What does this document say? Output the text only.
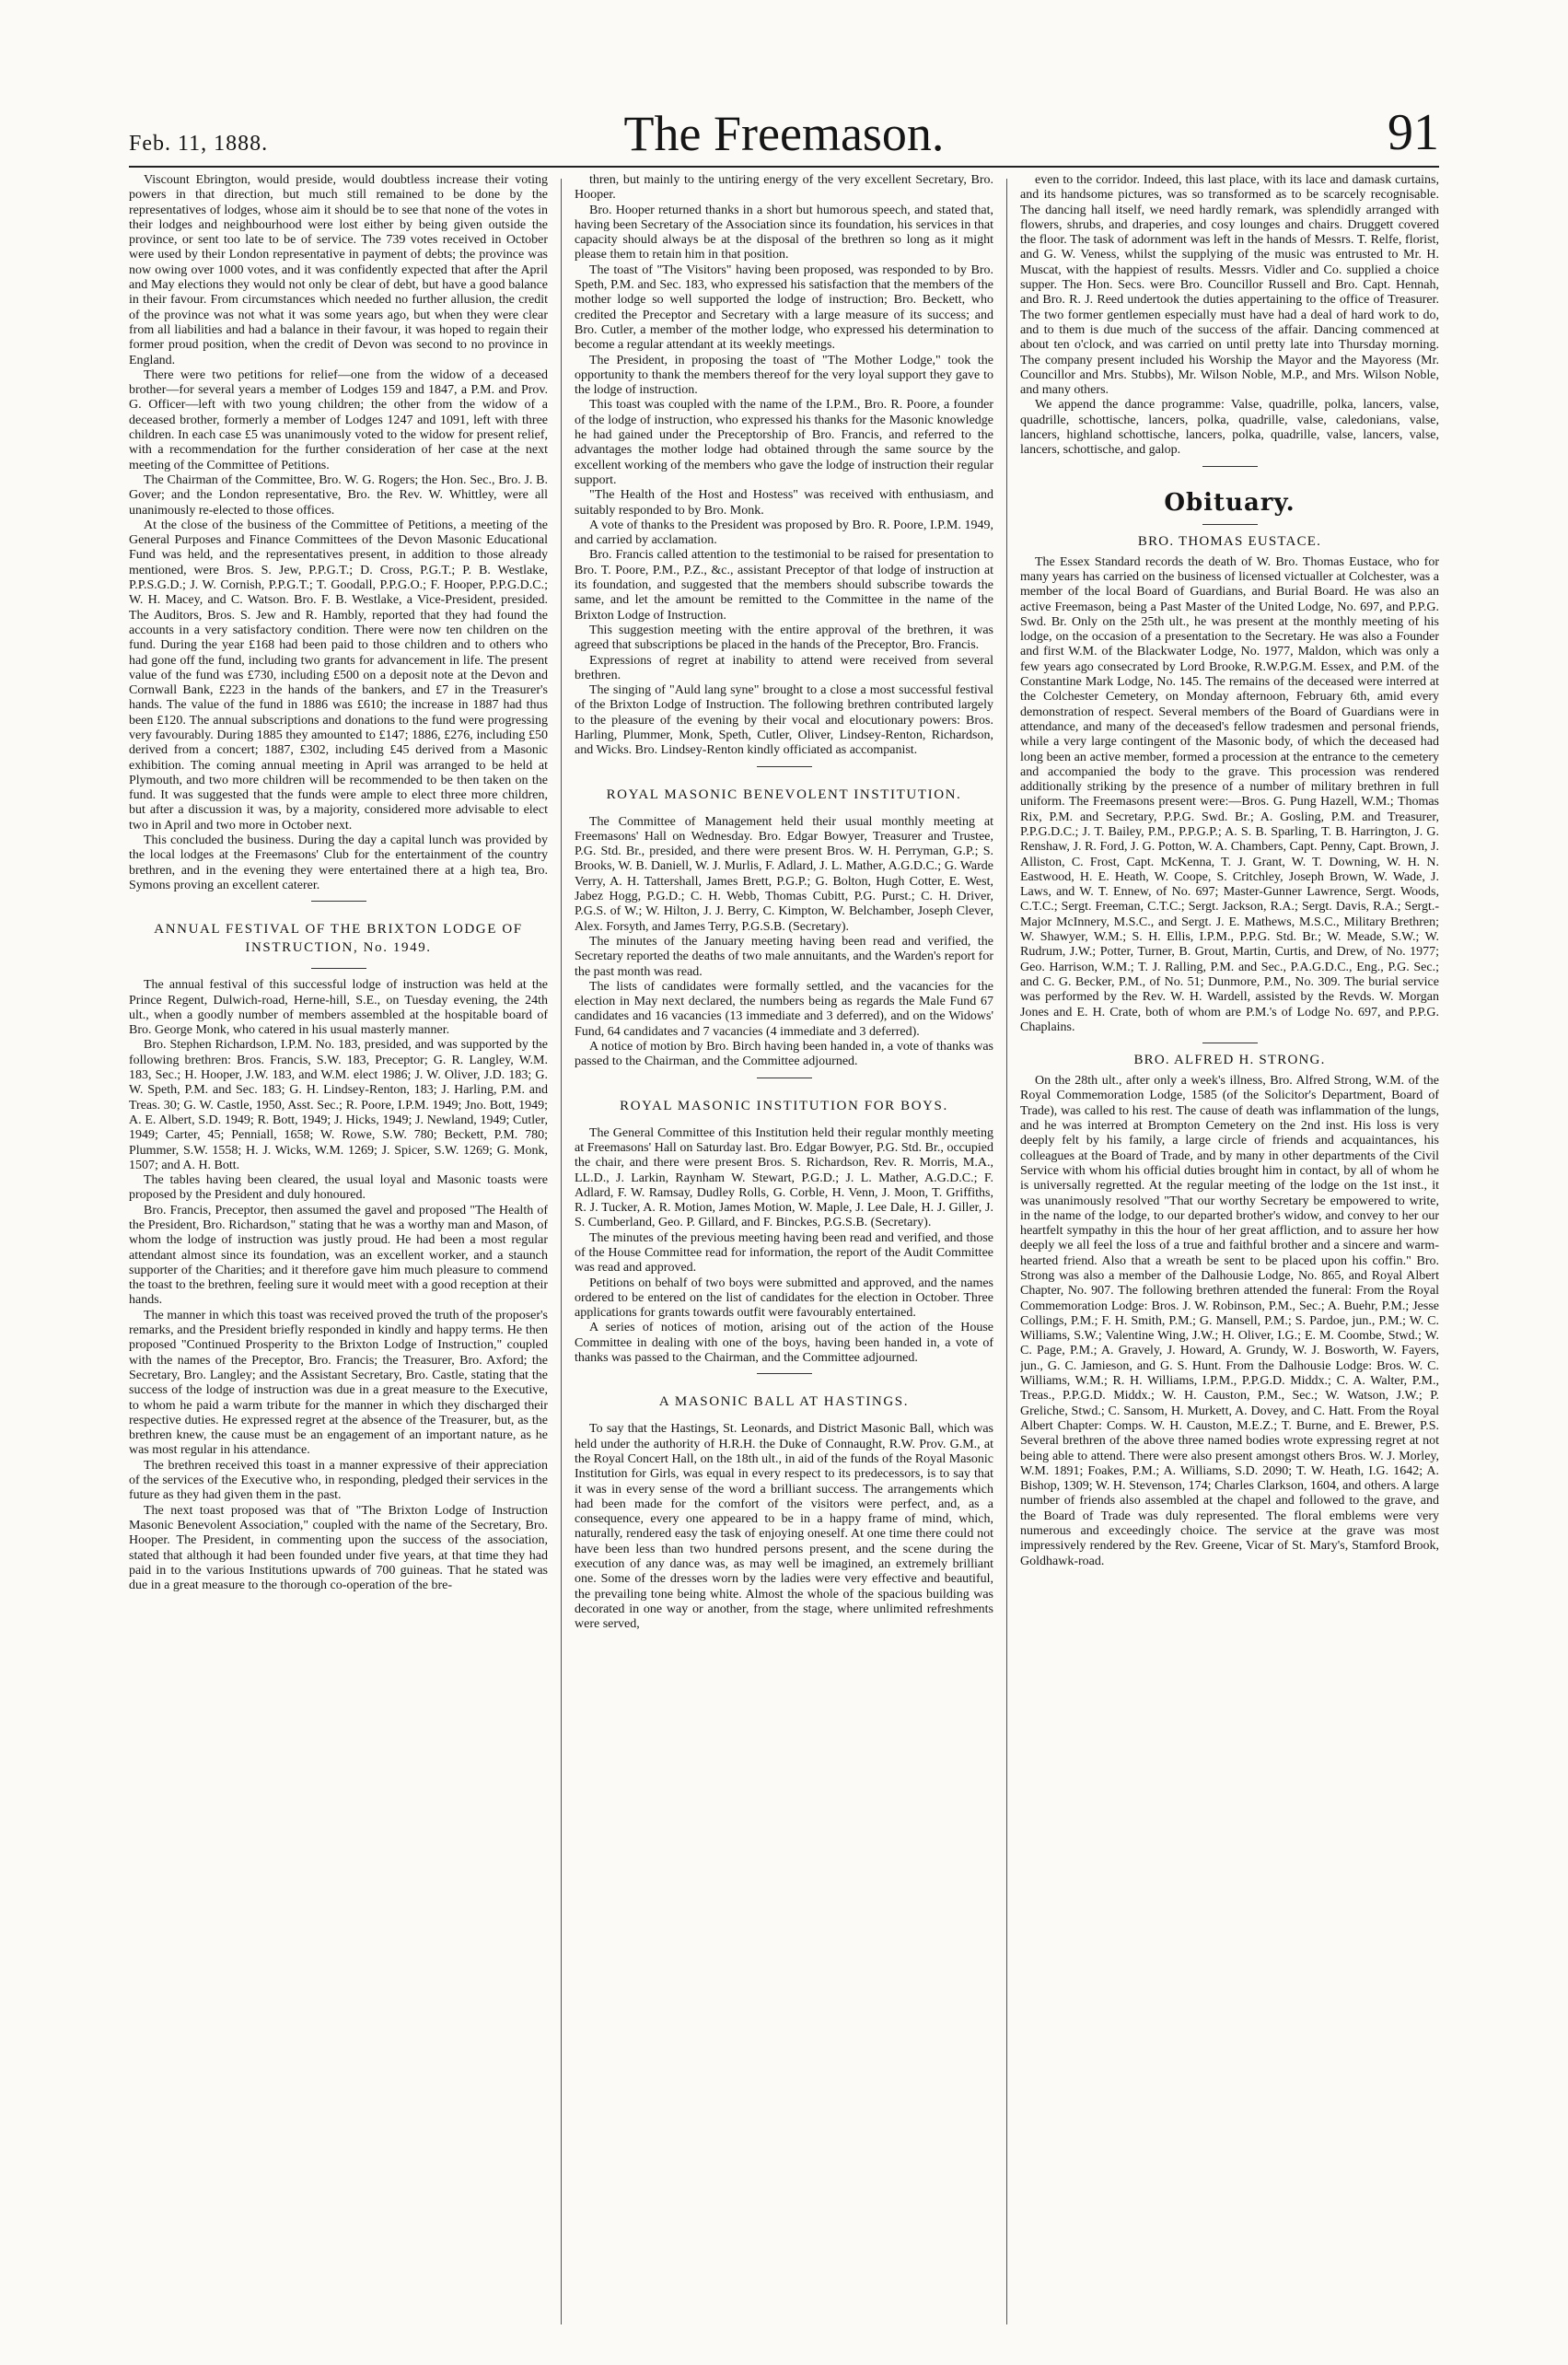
Feb. 11, 1888.	The Freemason.	91

Viscount Ebrington, would preside, would doubtless increase their voting powers in that direction, but much still remained to be done by the representatives of lodges, whose aim it should be to see that none of the votes in their lodges and neighbourhood were lost either by being given outside the province, or sent too late to be of service. The 739 votes received in October were used by their London representative in payment of debts; the province was now owing over 1000 votes, and it was confidently expected that after the April and May elections they would not only be clear of debt, but have a good balance in their favour. From circumstances which needed no further allusion, the credit of the province was not what it was some years ago, but when they were clear from all liabilities and had a balance in their favour, it was hoped to regain their former proud position, when the credit of Devon was second to no province in England.

There were two petitions for relief—one from the widow of a deceased brother—for several years a member of Lodges 159 and 1847, a P.M. and Prov. G. Officer—left with two young children; the other from the widow of a deceased brother, formerly a member of Lodges 1247 and 1091, left with three children. In each case £5 was unanimously voted to the widow for present relief, with a recommendation for the further consideration of her case at the next meeting of the Committee of Petitions.

The Chairman of the Committee, Bro. W. G. Rogers; the Hon. Sec., Bro. J. B. Gover; and the London representative, Bro. the Rev. W. Whittley, were all unanimously re-elected to those offices.

At the close of the business of the Committee of Petitions, a meeting of the General Purposes and Finance Committees of the Devon Masonic Educational Fund was held, and the representatives present, in addition to those already mentioned, were Bros. S. Jew, P.P.G.T.; D. Cross, P.G.T.; P. B. Westlake, P.P.S.G.D.; J. W. Cornish, P.P.G.T.; T. Goodall, P.P.G.O.; F. Hooper, P.P.G.D.C.; W. H. Macey, and C. Watson. Bro. F. B. Westlake, a Vice-President, presided. The Auditors, Bros. S. Jew and R. Hambly, reported that they had found the accounts in a very satisfactory condition. There were now ten children on the fund. During the year £168 had been paid to those children and to others who had gone off the fund, including two grants for advancement in life. The present value of the fund was £730, including £500 on a deposit note at the Devon and Cornwall Bank, £223 in the hands of the bankers, and £7 in the Treasurer's hands. The value of the fund in 1886 was £610; the increase in 1887 had thus been £120. The annual subscriptions and donations to the fund were progressing very favourably. During 1885 they amounted to £147; 1886, £276, including £50 derived from a concert; 1887, £302, including £45 derived from a Masonic exhibition. The coming annual meeting in April was arranged to be held at Plymouth, and two more children will be recommended to be then taken on the fund. It was suggested that the funds were ample to elect three more children, but after a discussion it was, by a majority, considered more advisable to elect two in April and two more in October next.

This concluded the business. During the day a capital lunch was provided by the local lodges at the Freemasons' Club for the entertainment of the country brethren, and in the evening they were entertained there at a high tea, Bro. Symons proving an excellent caterer.

ANNUAL FESTIVAL OF THE BRIXTON LODGE OF INSTRUCTION, No. 1949.

The annual festival of this successful lodge of instruction was held at the Prince Regent, Dulwich-road, Herne-hill, S.E., on Tuesday evening, the 24th ult., when a goodly number of members assembled at the hospitable board of Bro. George Monk, who catered in his usual masterly manner.

Bro. Stephen Richardson, I.P.M. No. 183, presided, and was supported by the following brethren: Bros. Francis, S.W. 183, Preceptor; G. R. Langley, W.M. 183, Sec.; H. Hooper, J.W. 183, and W.M. elect 1986; J. W. Oliver, J.D. 183; G. W. Speth, P.M. and Sec. 183; G. H. Lindsey-Renton, 183; J. Harling, P.M. and Treas. 30; G. W. Castle, 1950, Asst. Sec.; R. Poore, I.P.M. 1949; Jno. Bott, 1949; A. E. Albert, S.D. 1949; R. Bott, 1949; J. Hicks, 1949; J. Newland, 1949; Cutler, 1949; Carter, 45; Penniall, 1658; W. Rowe, S.W. 780; Beckett, P.M. 780; Plummer, S.W. 1558; H. J. Wicks, W.M. 1269; J. Spicer, S.W. 1269; G. Monk, 1507; and A. H. Bott.

The tables having been cleared, the usual loyal and Masonic toasts were proposed by the President and duly honoured.

Bro. Francis, Preceptor, then assumed the gavel and proposed "The Health of the President, Bro. Richardson," stating that he was a worthy man and Mason, of whom the lodge of instruction was justly proud. He had been a most regular attendant almost since its foundation, was an excellent worker, and a staunch supporter of the Charities; and it therefore gave him much pleasure to commend the toast to the brethren, feeling sure it would meet with a good reception at their hands.

The manner in which this toast was received proved the truth of the proposer's remarks, and the President briefly responded in kindly and happy terms. He then proposed "Continued Prosperity to the Brixton Lodge of Instruction," coupled with the names of the Preceptor, Bro. Francis; the Treasurer, Bro. Axford; the Secretary, Bro. Langley; and the Assistant Secretary, Bro. Castle, stating that the success of the lodge of instruction was due in a great measure to the Executive, to whom he paid a warm tribute for the manner in which they discharged their respective duties. He expressed regret at the absence of the Treasurer, but, as the brethren knew, the cause must be an engagement of an important nature, as he was most regular in his attendance.

The brethren received this toast in a manner expressive of their appreciation of the services of the Executive who, in responding, pledged their services in the future as they had given them in the past.

The next toast proposed was that of "The Brixton Lodge of Instruction Masonic Benevolent Association," coupled with the name of the Secretary, Bro. Hooper. The President, in commenting upon the success of the association, stated that although it had been founded under five years, at that time they had paid in to the various Institutions upwards of 700 guineas. That he stated was due in a great measure to the thorough co-operation of the bre-

thren, but mainly to the untiring energy of the very excellent Secretary, Bro. Hooper.

Bro. Hooper returned thanks in a short but humorous speech, and stated that, having been Secretary of the Association since its foundation, his services in that capacity should always be at the disposal of the brethren so long as it might please them to retain him in that position.

The toast of "The Visitors" having been proposed, was responded to by Bro. Speth, P.M. and Sec. 183, who expressed his satisfaction that the members of the mother lodge so well supported the lodge of instruction; Bro. Beckett, who credited the Preceptor and Secretary with a large measure of its success; and Bro. Cutler, a member of the mother lodge, who expressed his determination to become a regular attendant at its weekly meetings.

The President, in proposing the toast of "The Mother Lodge," took the opportunity to thank the members thereof for the very loyal support they gave to the lodge of instruction.

This toast was coupled with the name of the I.P.M., Bro. R. Poore, a founder of the lodge of instruction, who expressed his thanks for the Masonic knowledge he had gained under the Preceptorship of Bro. Francis, and referred to the advantages the mother lodge had obtained through the same source by the excellent working of the members who gave the lodge of instruction their regular support.

"The Health of the Host and Hostess" was received with enthusiasm, and suitably responded to by Bro. Monk.

A vote of thanks to the President was proposed by Bro. R. Poore, I.P.M. 1949, and carried by acclamation.

Bro. Francis called attention to the testimonial to be raised for presentation to Bro. T. Poore, P.M., P.Z., &c., assistant Preceptor of that lodge of instruction at its foundation, and suggested that the members should subscribe towards the same, and let the amount be remitted to the Committee in the name of the Brixton Lodge of Instruction.

This suggestion meeting with the entire approval of the brethren, it was agreed that subscriptions be placed in the hands of the Preceptor, Bro. Francis.

Expressions of regret at inability to attend were received from several brethren.

The singing of "Auld lang syne" brought to a close a most successful festival of the Brixton Lodge of Instruction. The following brethren contributed largely to the pleasure of the evening by their vocal and elocutionary powers: Bros. Harling, Plummer, Monk, Speth, Cutler, Oliver, Lindsey-Renton, Richardson, and Wicks. Bro. Lindsey-Renton kindly officiated as accompanist.

ROYAL MASONIC BENEVOLENT INSTITUTION.

The Committee of Management held their usual monthly meeting at Freemasons' Hall on Wednesday. Bro. Edgar Bowyer, Treasurer and Trustee, P.G. Std. Br., presided, and there were present Bros. W. H. Perryman, G.P.; S. Brooks, W. B. Daniell, W. J. Murlis, F. Adlard, J. L. Mather, A.G.D.C.; G. Warde Verry, A. H. Tattershall, James Brett, P.G.P.; G. Bolton, Hugh Cotter, E. West, Jabez Hogg, P.G.D.; C. H. Webb, Thomas Cubitt, P.G. Purst.; C. H. Driver, P.G.S. of W.; W. Hilton, J. J. Berry, C. Kimpton, W. Belchamber, Joseph Clever, Alex. Forsyth, and James Terry, P.G.S.B. (Secretary).

The minutes of the January meeting having been read and verified, the Secretary reported the deaths of two male annuitants, and the Warden's report for the past month was read.

The lists of candidates were formally settled, and the vacancies for the election in May next declared, the numbers being as regards the Male Fund 67 candidates and 16 vacancies (13 immediate and 3 deferred), and on the Widows' Fund, 64 candidates and 7 vacancies (4 immediate and 3 deferred).

A notice of motion by Bro. Birch having been handed in, a vote of thanks was passed to the Chairman, and the Committee adjourned.

ROYAL MASONIC INSTITUTION FOR BOYS.

The General Committee of this Institution held their regular monthly meeting at Freemasons' Hall on Saturday last. Bro. Edgar Bowyer, P.G. Std. Br., occupied the chair, and there were present Bros. S. Richardson, Rev. R. Morris, M.A., LL.D., J. Larkin, Raynham W. Stewart, P.G.D.; J. L. Mather, A.G.D.C.; F. Adlard, F. W. Ramsay, Dudley Rolls, G. Corble, H. Venn, J. Moon, T. Griffiths, R. J. Tucker, A. R. Motion, James Motion, W. Maple, J. Lee Dale, H. J. Giller, J. S. Cumberland, Geo. P. Gillard, and F. Binckes, P.G.S.B. (Secretary).

The minutes of the previous meeting having been read and verified, and those of the House Committee read for information, the report of the Audit Committee was read and approved.

Petitions on behalf of two boys were submitted and approved, and the names ordered to be entered on the list of candidates for the election in October. Three applications for grants towards outfit were favourably entertained.

A series of notices of motion, arising out of the action of the House Committee in dealing with one of the boys, having been handed in, a vote of thanks was passed to the Chairman, and the Committee adjourned.

A MASONIC BALL AT HASTINGS.

To say that the Hastings, St. Leonards, and District Masonic Ball, which was held under the authority of H.R.H. the Duke of Connaught, R.W. Prov. G.M., at the Royal Concert Hall, on the 18th ult., in aid of the funds of the Royal Masonic Institution for Girls, was equal in every respect to its predecessors, is to say that it was in every sense of the word a brilliant success. The arrangements which had been made for the comfort of the visitors were perfect, and, as a consequence, every one appeared to be in a happy frame of mind, which, naturally, rendered easy the task of enjoying oneself. At one time there could not have been less than two hundred persons present, and the scene during the execution of any dance was, as may well be imagined, an extremely brilliant one. Some of the dresses worn by the ladies were very effective and beautiful, the prevailing tone being white. Almost the whole of the spacious building was decorated in one way or another, from the stage, where unlimited refreshments were served,

even to the corridor. Indeed, this last place, with its lace and damask curtains, and its handsome pictures, was so transformed as to be scarcely recognisable. The dancing hall itself, we need hardly remark, was splendidly arranged with flowers, shrubs, and draperies, and cosy lounges and chairs. Druggett covered the floor. The task of adornment was left in the hands of Messrs. T. Relfe, florist, and G. W. Veness, whilst the supplying of the music was entrusted to Mr. H. Muscat, with the happiest of results. Messrs. Vidler and Co. supplied a choice supper. The Hon. Secs. were Bro. Councillor Russell and Bro. Capt. Hennah, and Bro. R. J. Reed undertook the duties appertaining to the office of Treasurer. The two former gentlemen especially must have had a deal of hard work to do, and to them is due much of the success of the affair. Dancing commenced at about ten o'clock, and was carried on until pretty late into Thursday morning. The company present included his Worship the Mayor and the Mayoress (Mr. Councillor and Mrs. Stubbs), Mr. Wilson Noble, M.P., and Mrs. Wilson Noble, and many others.

We append the dance programme: Valse, quadrille, polka, lancers, valse, quadrille, schottische, lancers, polka, quadrille, valse, caledonians, valse, lancers, highland schottische, lancers, polka, quadrille, valse, lancers, valse, lancers, schottische, and galop.

Obituary.
BRO. THOMAS EUSTACE.

The Essex Standard records the death of W. Bro. Thomas Eustace, who for many years has carried on the business of licensed victualler at Colchester, was a member of the local Board of Guardians, and Burial Board. He was also an active Freemason, being a Past Master of the United Lodge, No. 697, and P.P.G. Swd. Br. Only on the 25th ult., he was present at the monthly meeting of his lodge, on the occasion of a presentation to the Secretary. He was also a Founder and first W.M. of the Blackwater Lodge, No. 1977, Maldon, which was only a few years ago consecrated by Lord Brooke, R.W.P.G.M. Essex, and P.M. of the Constantine Mark Lodge, No. 145. The remains of the deceased were interred at the Colchester Cemetery, on Monday afternoon, February 6th, amid every demonstration of respect. Several members of the Board of Guardians were in attendance, and many of the deceased's fellow tradesmen and personal friends, while a very large contingent of the Masonic body, of which the deceased had long been an active member, formed a procession at the entrance to the cemetery and accompanied the body to the grave. This procession was rendered additionally striking by the presence of a number of military brethren in full uniform. The Freemasons present were:—Bros. G. Pung Hazell, W.M.; Thomas Rix, P.M. and Secretary, P.P.G. Swd. Br.; A. Gosling, P.M. and Treasurer, P.P.G.D.C.; J. T. Bailey, P.M., P.P.G.P.; A. S. B. Sparling, T. B. Harrington, J. G. Renshaw, J. R. Ford, J. G. Potton, W. A. Chambers, Capt. Penny, Capt. Brown, J. Alliston, C. Frost, Capt. McKenna, T. J. Grant, W. T. Downing, W. H. N. Eastwood, H. E. Heath, W. Coope, S. Critchley, Joseph Brown, W. Wade, J. Laws, and W. T. Ennew, of No. 697; Master-Gunner Lawrence, Sergt. Woods, C.T.C.; Sergt. Freeman, C.T.C.; Sergt. Jackson, R.A.; Sergt. Davis, R.A.; Sergt.-Major McInnery, M.S.C., and Sergt. J. E. Mathews, M.S.C., Military Brethren; W. Shawyer, W.M.; S. H. Ellis, I.P.M., P.P.G. Std. Br.; W. Meade, S.W.; W. Rudrum, J.W.; Potter, Turner, B. Grout, Martin, Curtis, and Drew, of No. 1977; Geo. Harrison, W.M.; T. J. Ralling, P.M. and Sec., P.A.G.D.C., Eng., P.G. Sec.; and C. G. Becker, P.M., of No. 51; Dunmore, P.M., No. 309. The burial service was performed by the Rev. W. H. Wardell, assisted by the Revds. W. Morgan Jones and E. H. Crate, both of whom are P.M.'s of Lodge No. 697, and P.P.G. Chaplains.

BRO. ALFRED H. STRONG.

On the 28th ult., after only a week's illness, Bro. Alfred Strong, W.M. of the Royal Commemoration Lodge, 1585 (of the Solicitor's Department, Board of Trade), was called to his rest. The cause of death was inflammation of the lungs, and he was interred at Brompton Cemetery on the 2nd inst. His loss is very deeply felt by his family, a large circle of friends and acquaintances, his colleagues at the Board of Trade, and by many in other departments of the Civil Service with whom his official duties brought him in contact, by all of whom he is universally regretted. At the regular meeting of the lodge on the 1st inst., it was unanimously resolved "That our worthy Secretary be empowered to write, in the name of the lodge, to our departed brother's widow, and convey to her our heartfelt sympathy in this the hour of her great affliction, and to assure her how deeply we all feel the loss of a true and faithful brother and a sincere and warm-hearted friend. Also that a wreath be sent to be placed upon his coffin." Bro. Strong was also a member of the Dalhousie Lodge, No. 865, and Royal Albert Chapter, No. 907. The following brethren attended the funeral: From the Royal Commemoration Lodge: Bros. J. W. Robinson, P.M., Sec.; A. Buehr, P.M.; Jesse Collings, P.M.; F. H. Smith, P.M.; G. Mansell, P.M.; S. Pardoe, jun., P.M.; W. C. Williams, S.W.; Valentine Wing, J.W.; H. Oliver, I.G.; E. M. Coombe, Stwd.; W. C. Page, P.M.; A. Gravely, J. Howard, A. Grundy, W. J. Bosworth, W. Fayers, jun., G. C. Jamieson, and G. S. Hunt. From the Dalhousie Lodge: Bros. W. C. Williams, W.M.; R. H. Williams, I.P.M., P.P.G.D. Middx.; C. A. Walter, P.M., Treas., P.P.G.D. Middx.; W. H. Causton, P.M., Sec.; W. Watson, J.W.; P. Greliche, Stwd.; C. Sansom, H. Murkett, A. Dovey, and C. Hatt. From the Royal Albert Chapter: Comps. W. H. Causton, M.E.Z.; T. Burne, and E. Brewer, P.S. Several brethren of the above three named bodies wrote expressing regret at not being able to attend. There were also present amongst others Bros. W. J. Morley, W.M. 1891; Foakes, P.M.; A. Williams, S.D. 2090; T. W. Heath, I.G. 1642; A. Bishop, 1309; W. H. Stevenson, 174; Charles Clarkson, 1604, and others. A large number of friends also assembled at the chapel and followed to the grave, and the Board of Trade was duly represented. The floral emblems were very numerous and exceedingly choice. The service at the grave was most impressively rendered by the Rev. Greene, Vicar of St. Mary's, Stamford Brook, Goldhawk-road.
